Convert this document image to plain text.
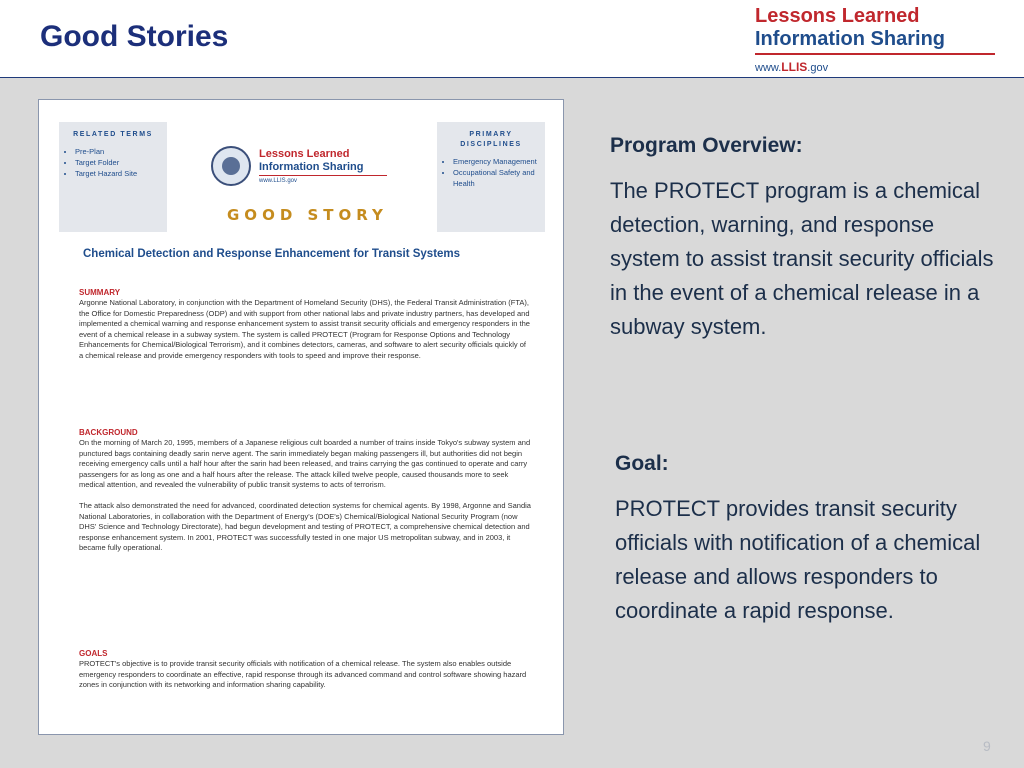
Good Stories
Lessons Learned
Information Sharing
www.LLIS.gov
RELATED TERMS
• Pre-Plan
• Target Folder
• Target Hazard Site
PRIMARY DISCIPLINES
• Emergency Management
• Occupational Safety and Health
Lessons Learned
Information Sharing
www.LLIS.gov
GOOD STORY
Chemical Detection and Response Enhancement for Transit Systems
SUMMARY

Argonne National Laboratory, in conjunction with the Department of Homeland Security (DHS), the Federal Transit Administration (FTA), the Office for Domestic Preparedness (ODP) and with support from other national labs and private industry partners, has developed and implemented a chemical warning and response enhancement system to assist transit security officials and emergency responders in the event of a chemical release in a subway system. The system is called PROTECT (Program for Response Options and Technology Enhancements for Chemical/Biological Terrorism), and it combines detectors, cameras, and software to alert security officials quickly of a chemical release and provide emergency responders with tools to speed and improve their response.

BACKGROUND

On the morning of March 20, 1995, members of a Japanese religious cult boarded a number of trains inside Tokyo's subway system and punctured bags containing deadly sarin nerve agent. The sarin immediately began making passengers ill, but authorities did not begin receiving emergency calls until a half hour after the sarin had been released, and trains carrying the gas continued to operate and carry passengers for as long as one and a half hours after the release. The attack killed twelve people, caused thousands more to seek medical attention, and revealed the vulnerability of public transit systems to acts of terrorism.

The attack also demonstrated the need for advanced, coordinated detection systems for chemical agents. By 1998, Argonne and Sandia National Laboratories, in collaboration with the Department of Energy's (DOE's) Chemical/Biological National Security Program (now DHS' Science and Technology Directorate), had begun development and testing of PROTECT, a comprehensive chemical detection and response enhancement system. In 2001, PROTECT was successfully tested in one major US metropolitan subway, and in 2003, it became fully operational.

GOALS

PROTECT's objective is to provide transit security officials with notification of a chemical release. The system also enables outside emergency responders to coordinate an effective, rapid response through its advanced command and control software showing hazard zones in conjunction with its networking and information sharing capability.

Program Overview:
The PROTECT program is a chemical detection, warning, and response system to assist transit security officials in the event of a chemical release in a subway system.
Goal:
PROTECT provides transit security officials with notification of a chemical release and allows responders to coordinate a rapid response.
9
